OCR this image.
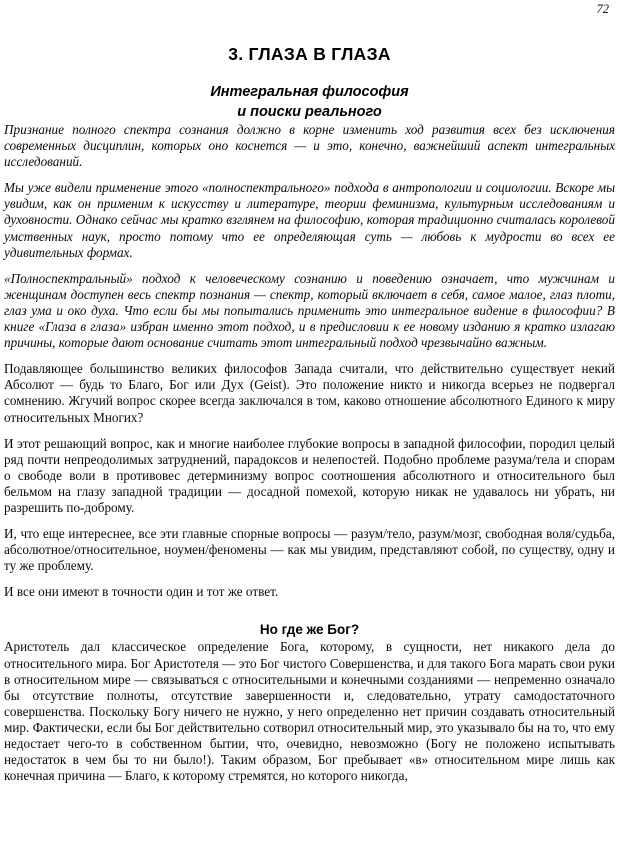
72
3. ГЛАЗА В ГЛАЗА
Интегральная философия
и поиски реального

Признание полного спектра сознания должно в корне изменить ход развития всех без исключения современных дисциплин, которых оно коснется — и это, конечно, важнейший аспект интегральных исследований.

Мы уже видели применение этого «полноспектрального» подхода в антропологии и социологии. Вскоре мы увидим, как он применим к искусству и литературе, теории феминизма, культурным исследованиям и духовности. Однако сейчас мы кратко взглянем на философию, которая традиционно считалась королевой умственных наук, просто потому что ее определяющая суть — любовь к мудрости во всех ее удивительных формах.

«Полноспектральный» подход к человеческому сознанию и поведению означает, что мужчинам и женщинам доступен весь спектр познания — спектр, который включает в себя, самое малое, глаз плоти, глаз ума и око духа. Что если бы мы попытались применить это интегральное видение в философии? В книге «Глаза в глаза» избран именно этот подход, и в предисловии к ее новому изданию я кратко излагаю причины, которые дают основание считать этот интегральный подход чрезвычайно важным.

Подавляющее большинство великих философов Запада считали, что действительно существует некий Абсолют — будь то Благо, Бог или Дух (Geist). Это положение никто и никогда всерьез не подвергал сомнению. Жгучий вопрос скорее всегда заключался в том, каково отношение абсолютного Единого к миру относительных Многих?

И этот решающий вопрос, как и многие наиболее глубокие вопросы в западной философии, породил целый ряд почти непреодолимых затруднений, парадоксов и нелепостей. Подобно проблеме разума/тела и спорам о свободе воли в противовес детерминизму вопрос соотношения абсолютного и относительного был бельмом на глазу западной традиции — досадной помехой, которую никак не удавалось ни убрать, ни разрешить по-доброму.

И, что еще интереснее, все эти главные спорные вопросы — разум/тело, разум/мозг, свободная воля/судьба, абсолютное/относительное, ноумен/феномены — как мы увидим, представляют собой, по существу, одну и ту же проблему.

И все они имеют в точности один и тот же ответ.

Но где же Бог?

Аристотель дал классическое определение Бога, которому, в сущности, нет никакого дела до относительного мира. Бог Аристотеля — это Бог чистого Совершенства, и для такого Бога марать свои руки в относительном мире — связываться с относительными и конечными созданиями — непременно означало бы отсутствие полноты, отсутствие завершенности и, следовательно, утрату самодостаточного совершенства. Поскольку Богу ничего не нужно, у него определенно нет причин создавать относительный мир. Фактически, если бы Бог действительно сотворил относительный мир, это указывало бы на то, что ему недостает чего-то в собственном бытии, что, очевидно, невозможно (Богу не положено испытывать недостаток в чем бы то ни было!). Таким образом, Бог пребывает «в» относительном мире лишь как конечная причина — Благо, к которому стремятся, но которого никогда,
